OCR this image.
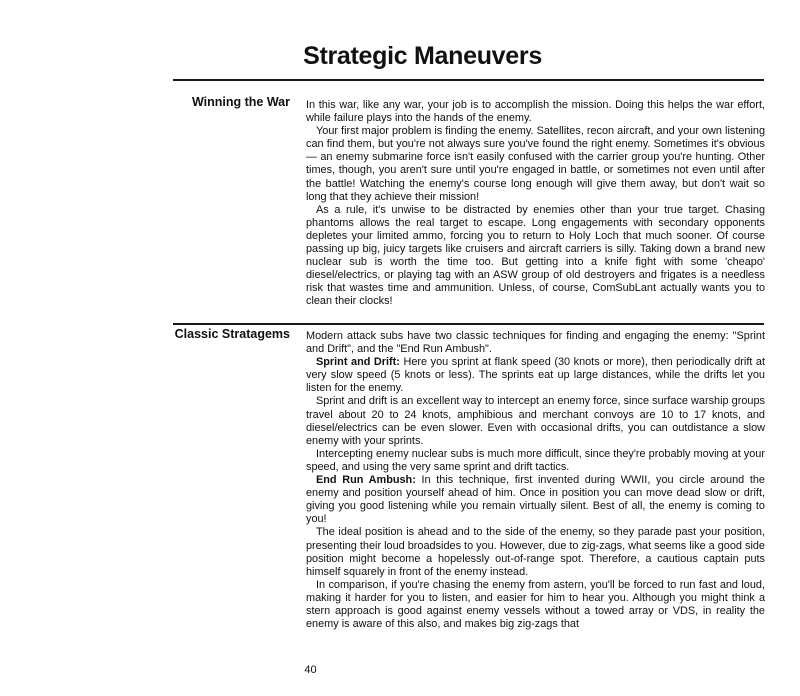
Strategic Maneuvers
Winning the War In this war, like any war, your job is to accomplish the mission. Doing this helps the war effort, while failure plays into the hands of the enemy.

Your first major problem is finding the enemy. Satellites, recon aircraft, and your own listening can find them, but you're not always sure you've found the right enemy. Sometimes it's obvious — an enemy submarine force isn't easily confused with the carrier group you're hunting. Other times, though, you aren't sure until you're engaged in battle, or sometimes not even until after the battle! Watching the enemy's course long enough will give them away, but don't wait so long that they achieve their mission!

As a rule, it's unwise to be distracted by enemies other than your true target. Chasing phantoms allows the real target to escape. Long engagements with secondary opponents depletes your limited ammo, forcing you to return to Holy Loch that much sooner. Of course passing up big, juicy targets like cruisers and aircraft carriers is silly. Taking down a brand new nuclear sub is worth the time too. But getting into a knife fight with some 'cheapo' diesel/electrics, or playing tag with an ASW group of old destroyers and frigates is a needless risk that wastes time and ammunition. Unless, of course, ComSubLant actually wants you to clean their clocks!

Classic Stratagems Modern attack subs have two classic techniques for finding and engaging the enemy: "Sprint and Drift", and the "End Run Ambush".

Sprint and Drift: Here you sprint at flank speed (30 knots or more), then periodically drift at very slow speed (5 knots or less). The sprints eat up large distances, while the drifts let you listen for the enemy.

Sprint and drift is an excellent way to intercept an enemy force, since surface warship groups travel about 20 to 24 knots, amphibious and merchant convoys are 10 to 17 knots, and diesel/electrics can be even slower. Even with occasional drifts, you can outdistance a slow enemy with your sprints.

Intercepting enemy nuclear subs is much more difficult, since they're probably moving at your speed, and using the very same sprint and drift tactics.

End Run Ambush: In this technique, first invented during WWII, you circle around the enemy and position yourself ahead of him. Once in position you can move dead slow or drift, giving you good listening while you remain virtually silent. Best of all, the enemy is coming to you!

The ideal position is ahead and to the side of the enemy, so they parade past your position, presenting their loud broadsides to you. However, due to zig-zags, what seems like a good side position might become a hopelessly out-of-range spot. Therefore, a cautious captain puts himself squarely in front of the enemy instead.

In comparison, if you're chasing the enemy from astern, you'll be forced to run fast and loud, making it harder for you to listen, and easier for him to hear you. Although you might think a stern approach is good against enemy vessels without a towed array or VDS, in reality the enemy is aware of this also, and makes big zig-zags that

40
